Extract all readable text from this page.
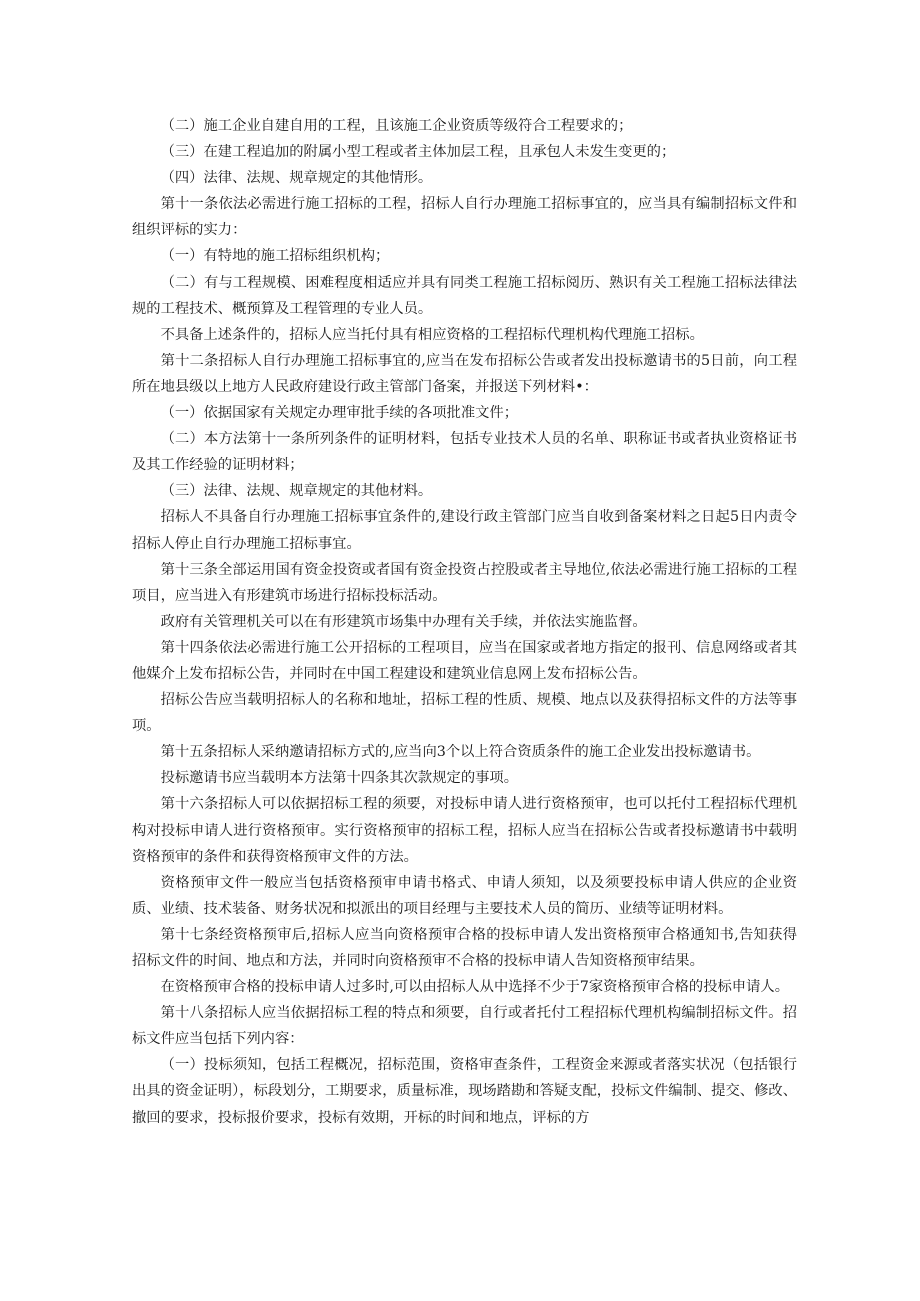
（二）施工企业自建自用的工程，且该施工企业资质等级符合工程要求的；

（三）在建工程追加的附属小型工程或者主体加层工程，且承包人未发生变更的；

（四）法律、法规、规章规定的其他情形。

第十一条依法必需进行施工招标的工程，招标人自行办理施工招标事宜的，应当具有编制招标文件和组织评标的实力：

（一）有特地的施工招标组织机构；

（二）有与工程规模、困难程度相适应并具有同类工程施工招标阅历、熟识有关工程施工招标法律法规的工程技术、概预算及工程管理的专业人员。

不具备上述条件的，招标人应当托付具有相应资格的工程招标代理机构代理施工招标。

第十二条招标人自行办理施工招标事宜的,应当在发布招标公告或者发出投标邀请书的5日前，向工程所在地县级以上地方人民政府建设行政主管部门备案，并报送下列材料•：

（一）依据国家有关规定办理审批手续的各项批准文件；

（二）本方法第十一条所列条件的证明材料，包括专业技术人员的名单、职称证书或者执业资格证书及其工作经验的证明材料；

（三）法律、法规、规章规定的其他材料。

招标人不具备自行办理施工招标事宜条件的,建设行政主管部门应当自收到备案材料之日起5日内责令招标人停止自行办理施工招标事宜。

第十三条全部运用国有资金投资或者国有资金投资占控股或者主导地位,依法必需进行施工招标的工程项目，应当进入有形建筑市场进行招标投标活动。

政府有关管理机关可以在有形建筑市场集中办理有关手续，并依法实施监督。

第十四条依法必需进行施工公开招标的工程项目，应当在国家或者地方指定的报刊、信息网络或者其他媒介上发布招标公告，并同时在中国工程建设和建筑业信息网上发布招标公告。

招标公告应当载明招标人的名称和地址，招标工程的性质、规模、地点以及获得招标文件的方法等事项。

第十五条招标人采纳邀请招标方式的,应当向3个以上符合资质条件的施工企业发出投标邀请书。

投标邀请书应当载明本方法第十四条其次款规定的事项。

第十六条招标人可以依据招标工程的须要，对投标申请人进行资格预审，也可以托付工程招标代理机构对投标申请人进行资格预审。实行资格预审的招标工程，招标人应当在招标公告或者投标邀请书中载明资格预审的条件和获得资格预审文件的方法。

资格预审文件一般应当包括资格预审申请书格式、申请人须知，以及须要投标申请人供应的企业资质、业绩、技术装备、财务状况和拟派出的项目经理与主要技术人员的简历、业绩等证明材料。

第十七条经资格预审后,招标人应当向资格预审合格的投标申请人发出资格预审合格通知书,告知获得招标文件的时间、地点和方法，并同时向资格预审不合格的投标申请人告知资格预审结果。

在资格预审合格的投标申请人过多时,可以由招标人从中选择不少于7家资格预审合格的投标申请人。

第十八条招标人应当依据招标工程的特点和须要，自行或者托付工程招标代理机构编制招标文件。招标文件应当包括下列内容：

（一）投标须知，包括工程概况，招标范围，资格审查条件，工程资金来源或者落实状况（包括银行出具的资金证明），标段划分，工期要求，质量标准，现场踏勘和答疑支配，投标文件编制、提交、修改、撤回的要求，投标报价要求，投标有效期，开标的时间和地点，评标的方
